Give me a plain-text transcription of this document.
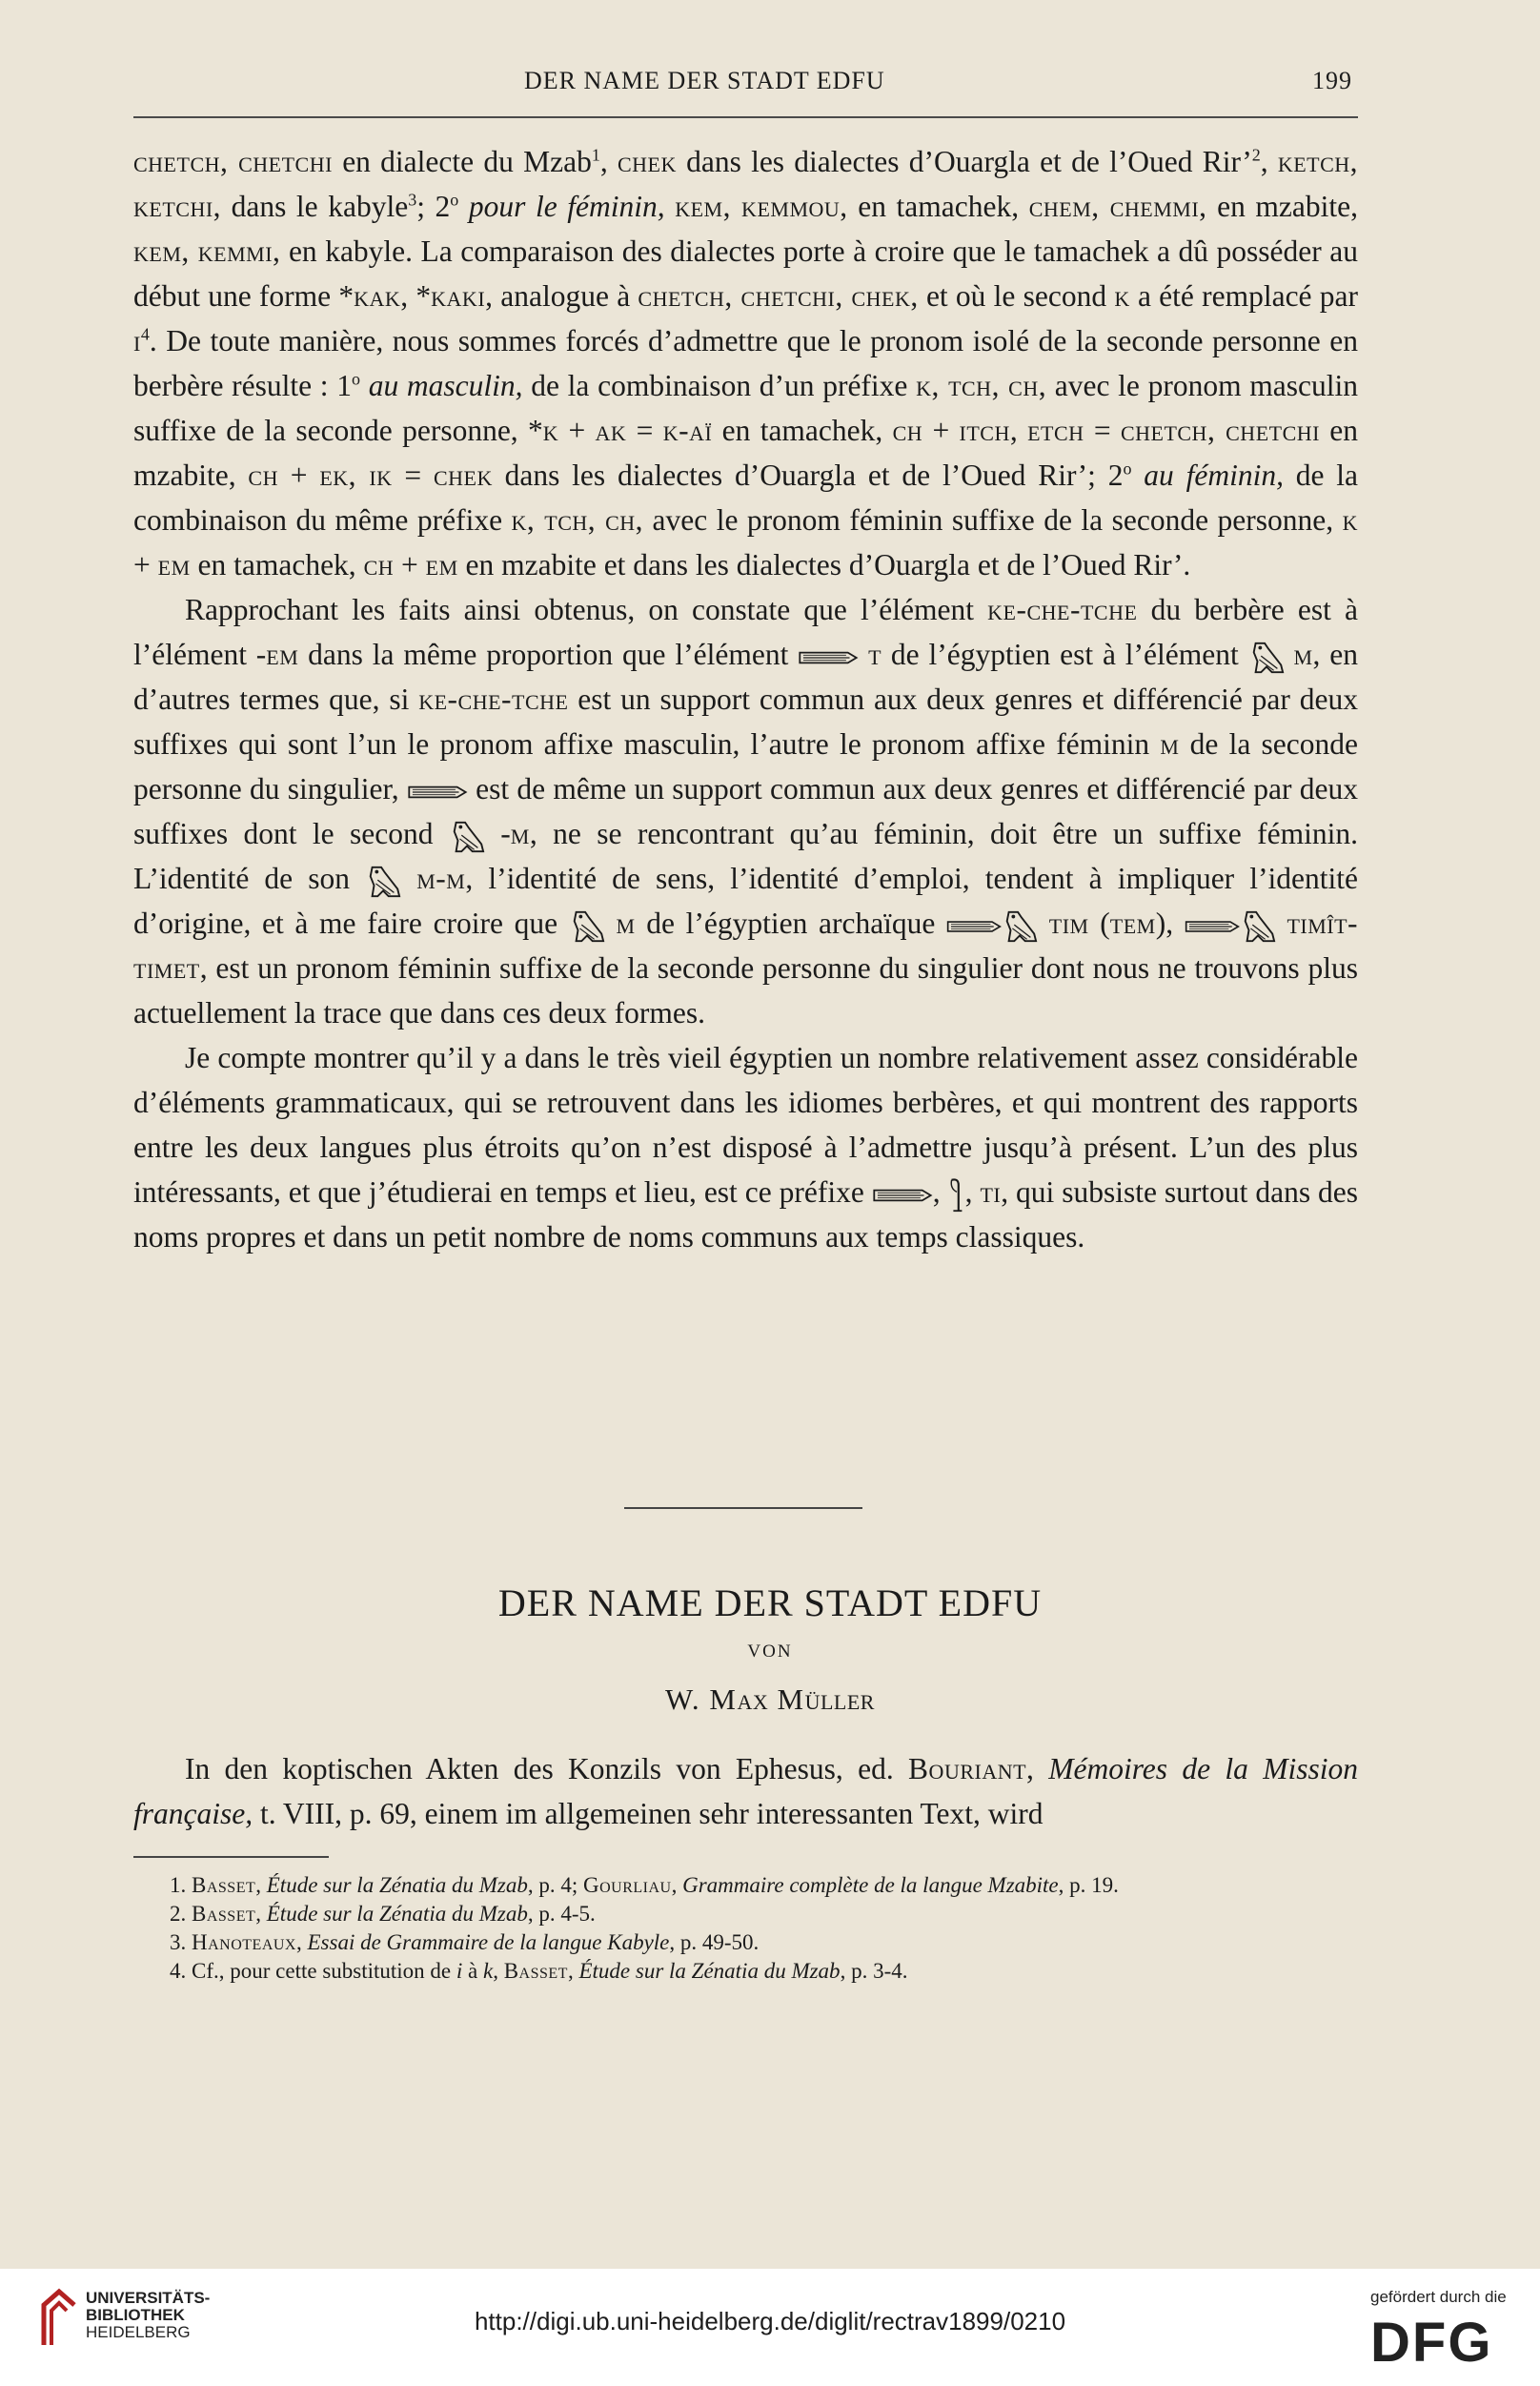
DER NAME DER STADT EDFU	199

chetch, chetchi en dialecte du Mzab$^1$, chek dans les dialectes d’Ouargla et de l’Oued Rir’$^2$, ketch, ketchi, dans le kabyle$^3$; 2$^o$ pour le féminin, kem, kemmou, en tamachek, chem, chemmi, en mzabite, kem, kemmi, en kabyle. La comparaison des dialectes porte à croire que le tamachek a dû posséder au début une forme *kak, *kaki, analogue à chetch, chetchi, chek, et où le second k a été remplacé par $i^4$. De toute manière, nous sommes forcés d’admettre que le pronom isolé de la seconde personne en berbère résulte : 1$^o$ au masculin, de la combinaison d’un préfixe k, tch, ch, avec le pronom masculin suffixe de la seconde personne, *k + ak = k-aï en tamachek, ch + itch, etch = chetch, chetchi en mzabite, ch + ek, ik = chek dans les dialectes d’Ouargla et de l’Oued Rir’; 2$^o$ au féminin, de la combinaison du même préfixe k, tch, ch, avec le pronom féminin suffixe de la seconde personne, k + em en tamachek, ch + em en mzabite et dans les dialectes d’Ouargla et de l’Oued Rir’.

Rapprochant les faits ainsi obtenus, on constate que l’élément ke-che-tche du berbère est à l’élément -em dans la même proportion que l’élément  t de l’égyptien est à l’élément  m, en d’autres termes que, si ke-che-tche est un support commun aux deux genres et différencié par deux suffixes qui sont l’un le pronom affixe masculin, l’autre le pronom affixe féminin m de la seconde personne du singulier,  est de même un support commun aux deux genres et différencié par deux suffixes dont le second  -m, ne se rencontrant qu’au féminin, doit être un suffixe féminin. L’identité de son  m-m, l’identité de sens, l’identité d’emploi, tendent à impliquer l’identité d’origine, et à me faire croire que  m de l’égyptien archaïque	tim (tem),	timît-timet, est un pronom féminin suffixe de la seconde personne du singulier dont nous ne trouvons plus actuellement la trace que dans ces deux formes.

Je compte montrer qu’il y a dans le très vieil égyptien un nombre relativement assez considérable d’éléments grammaticaux, qui se retrouvent dans les idiomes berbères, et qui montrent des rapports entre les deux langues plus étroits qu’on n’est disposé à l’admettre jusqu’à présent. L’un des plus intéressants, et que j’étudierai en temps et lieu, est ce préfixe , , ti, qui subsiste surtout dans des noms propres et dans un petit nombre de noms communs aux temps classiques.

DER NAME DER STADT EDFU
VON
W. Max Müller

In den koptischen Akten des Konzils von Ephesus, ed. Bouriant, Mémoires de la Mission française, t. VIII, p. 69, einem im allgemeinen sehr interessanten Text, wird

1. Basset, Étude sur la Zénatia du Mzab, p. 4; Gourliau, Grammaire complète de la langue Mzabite, p. 19.

2. Basset, Étude sur la Zénatia du Mzab, p. 4-5.

3. Hanoteaux, Essai de Grammaire de la langue Kabyle, p. 49-50.

4. Cf., pour cette substitution de i à k, Basset, Étude sur la Zénatia du Mzab, p. 3-4.

UNIVERSITÄTS-
BIBLIOTHEK
HEIDELBERG	http://digi.ub.uni-heidelberg.de/diglit/rectrav1899/0210
gefördert durch die
DFG
